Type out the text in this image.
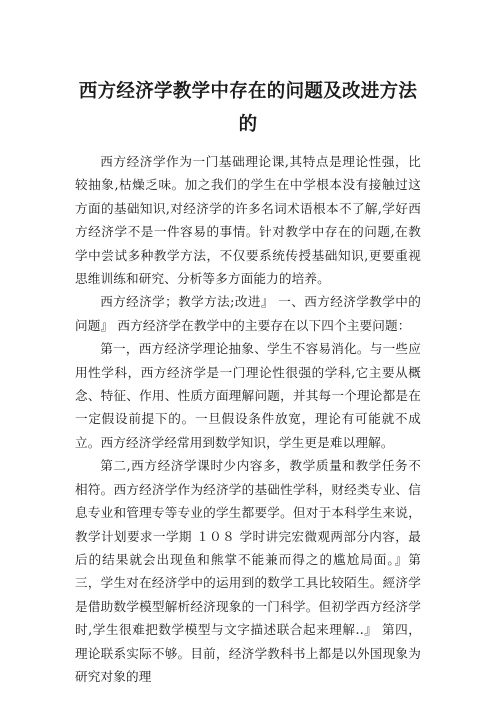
西方经济学教学中存在的问题及改进方法
的

西方经济学作为一门基础理论课,其特点是理论性强，比较抽象,枯燥乏味。加之我们的学生在中学根本没有接触过这方面的基础知识,对经济学的许多名词术语根本不了解,学好西方经济学不是一件容易的事情。针对教学中存在的问题,在教学中尝试多种教学方法，不仅要系统传授基础知识,更要重视思维训练和研究、分析等多方面能力的培养。

西方经济学；教学方法;改进』 一、西方经济学教学中的问题』 西方经济学在教学中的主要存在以下四个主要问题：

第一，西方经济学理论抽象、学生不容易消化。与一些应用性学科，西方经济学是一门理论性很强的学科,它主要从概念、特征、作用、性质方面理解问题，并其每一个理论都是在一定假设前提下的。一旦假设条件放宽，理论有可能就不成立。西方经济学经常用到数学知识，学生更是难以理解。

第二,西方经济学课时少内容多，教学质量和教学任务不相符。西方经济学作为经济学的基础性学科，财经类专业、信息专业和管理专等专业的学生都要学。但对于本科学生来说，教学计划要求一学期 １０８ 学时讲完宏微观两部分内容，最后的结果就会出现鱼和熊掌不能兼而得之的尴尬局面。』第三，学生对在经济学中的运用到的数学工具比较陌生。經济学是借助数学模型解析经济现象的一门科学。但初学西方经济学时,学生很难把数学模型与文字描述联合起来理解..』 第四，理论联系实际不够。目前，经济学教科书上都是以外国现象为研究对象的理
